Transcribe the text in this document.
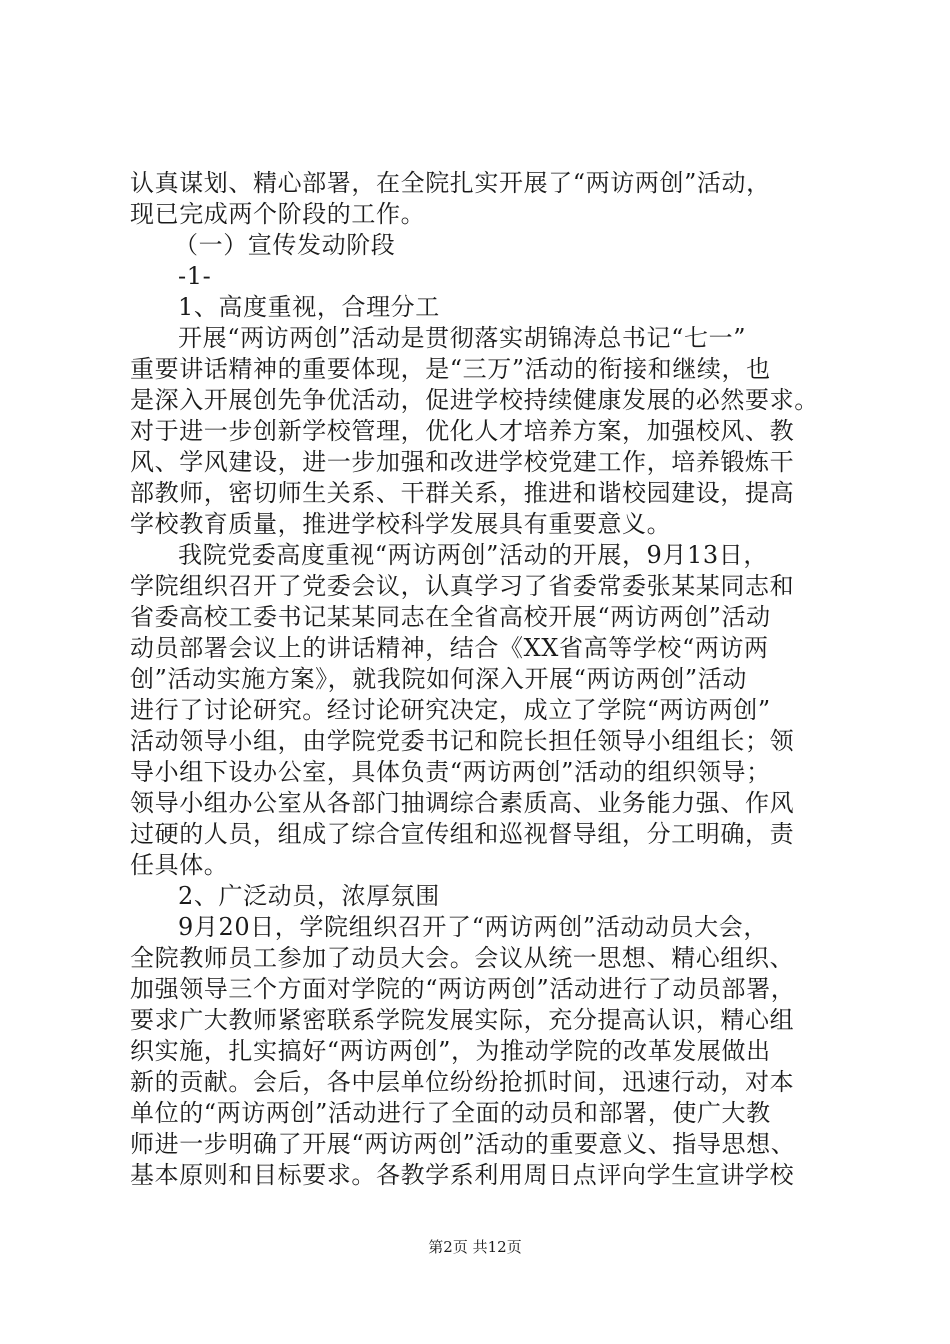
认真谋划、精心部署，在全院扎实开展了“两访两创”活动，
现已完成两个阶段的工作。
（一）宣传发动阶段
-1-
1、高度重视，合理分工
开展“两访两创”活动是贯彻落实胡锦涛总书记“七一”
重要讲话精神的重要体现，是“三万”活动的衔接和继续，也
是深入开展创先争优活动，促进学校持续健康发展的必然要求。
对于进一步创新学校管理，优化人才培养方案，加强校风、教
风、学风建设，进一步加强和改进学校党建工作，培养锻炼干
部教师，密切师生关系、干群关系，推进和谐校园建设，提高
学校教育质量，推进学校科学发展具有重要意义。
我院党委高度重视“两访两创”活动的开展，9月13日，
学院组织召开了党委会议，认真学习了省委常委张某某同志和
省委高校工委书记某某同志在全省高校开展“两访两创”活动
动员部署会议上的讲话精神，结合《XX省高等学校“两访两
创”活动实施方案》，就我院如何深入开展“两访两创”活动
进行了讨论研究。经讨论研究决定，成立了学院“两访两创”
活动领导小组，由学院党委书记和院长担任领导小组组长；领
导小组下设办公室，具体负责“两访两创”活动的组织领导；
领导小组办公室从各部门抽调综合素质高、业务能力强、作风
过硬的人员，组成了综合宣传组和巡视督导组，分工明确，责
任具体。
2、广泛动员，浓厚氛围
9月20日，学院组织召开了“两访两创”活动动员大会，
全院教师员工参加了动员大会。会议从统一思想、精心组织、
加强领导三个方面对学院的“两访两创”活动进行了动员部署，
要求广大教师紧密联系学院发展实际，充分提高认识，精心组
织实施，扎实搞好“两访两创”，为推动学院的改革发展做出
新的贡献。会后，各中层单位纷纷抢抓时间，迅速行动，对本
单位的“两访两创”活动进行了全面的动员和部署，使广大教
师进一步明确了开展“两访两创”活动的重要意义、指导思想、
基本原则和目标要求。各教学系利用周日点评向学生宣讲学校
第2页 共12页
